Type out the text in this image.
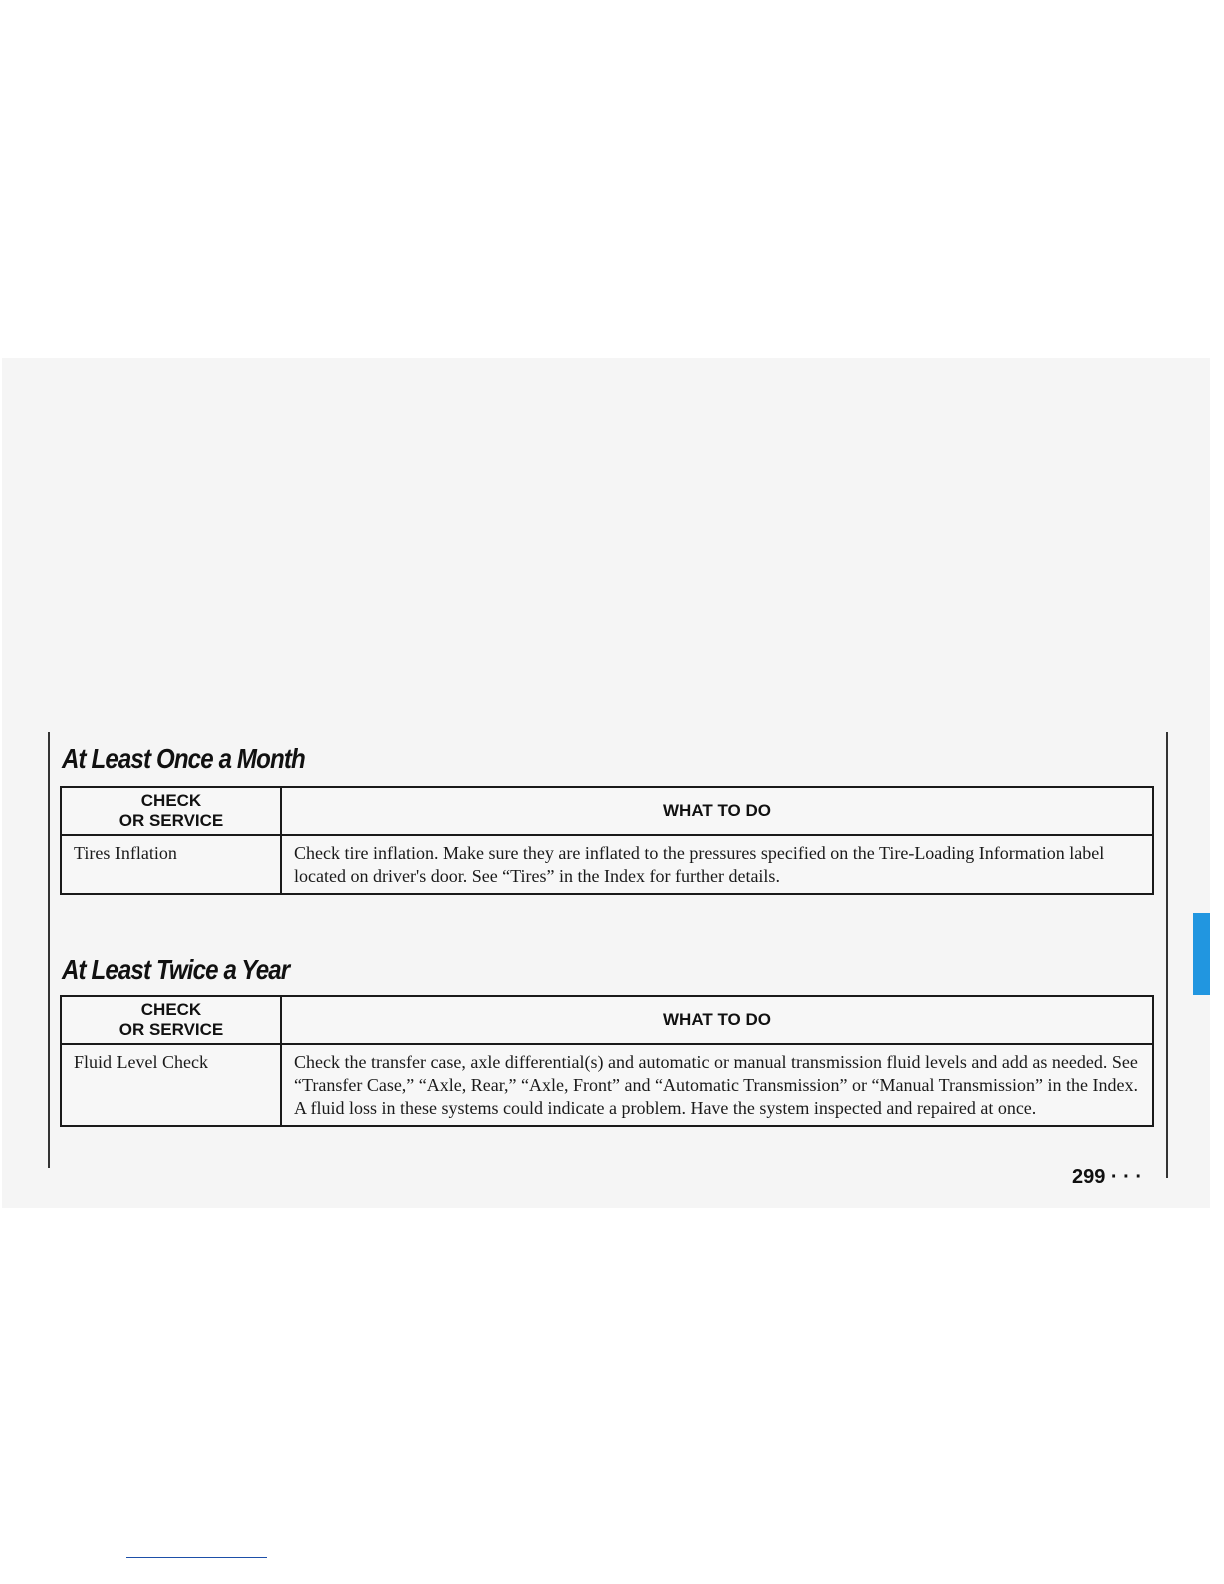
At Least Once a Month
CHECK
OR SERVICE	WHAT TO DO
Tires Inflation	Check tire inflation. Make sure they are inflated to the pressures specified on the Tire-Loading Information label located on driver's door. See “Tires” in the Index for further details.
At Least Twice a Year
CHECK
OR SERVICE	WHAT TO DO
Fluid Level Check	Check the transfer case, axle differential(s) and automatic or manual transmission fluid levels and add as needed. See “Transfer Case,” “Axle, Rear,” “Axle, Front” and “Automatic Transmission” or “Manual Transmission” in the Index. A fluid loss in these systems could indicate a problem. Have the system inspected and repaired at once.

299 · · ·
